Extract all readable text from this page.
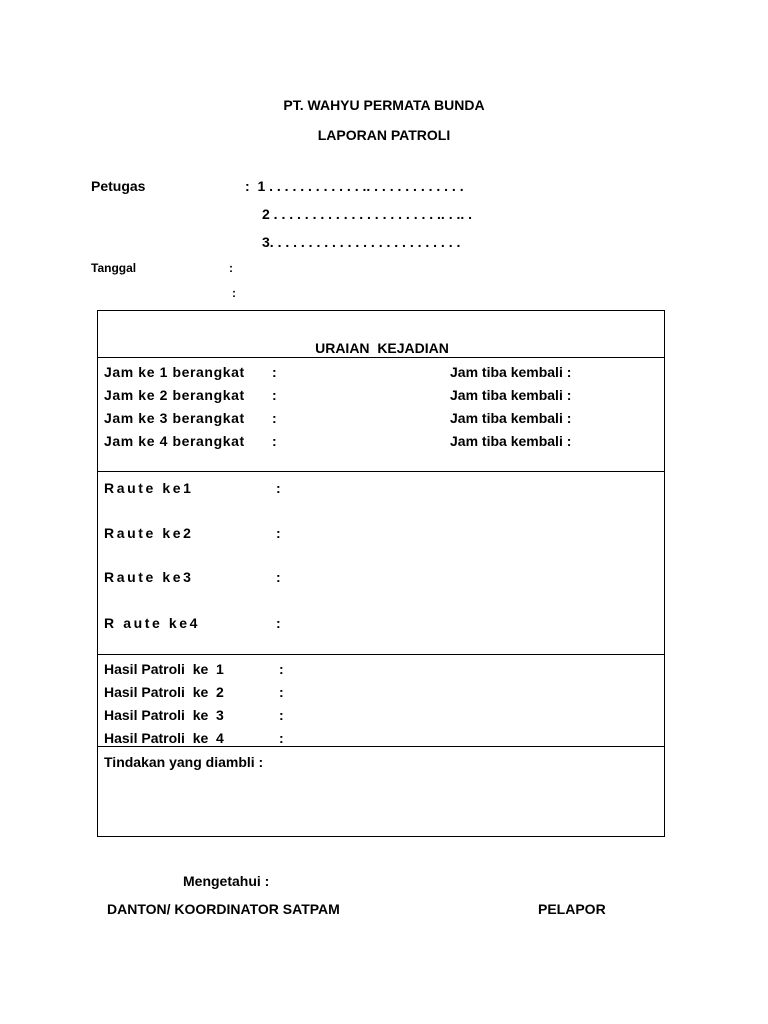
PT. WAHYU PERMATA BUNDA
LAPORAN PATROLI
Petugas	:  1 . . . . . . . . . . . . .. . . . . . . . . . . . .
2 . . . . . . . . . . . . . . . . . . . . . .. . .. .
3. . . . . . . . . . . . . . . . . . . . . . . . .
Tanggal	:
:
URAIAN  KEJADIAN
Jam ke 1 berangkat :	Jam tiba kembali :
Jam ke 2 berangkat :	Jam tiba kembali :
Jam ke 3 berangkat :	Jam tiba kembali :
Jam ke 4 berangkat :	Jam tiba kembali :
Raute ke1	:
Raute ke2	:
Raute ke3	:
R aute ke4	:
Hasil Patroli  ke  1	:
Hasil Patroli  ke  2	:
Hasil Patroli  ke  3	:
Hasil Patroli  ke  4	:
Tindakan yang diambli :
Mengetahui :
DANTON/ KOORDINATOR SATPAM	PELAPOR
